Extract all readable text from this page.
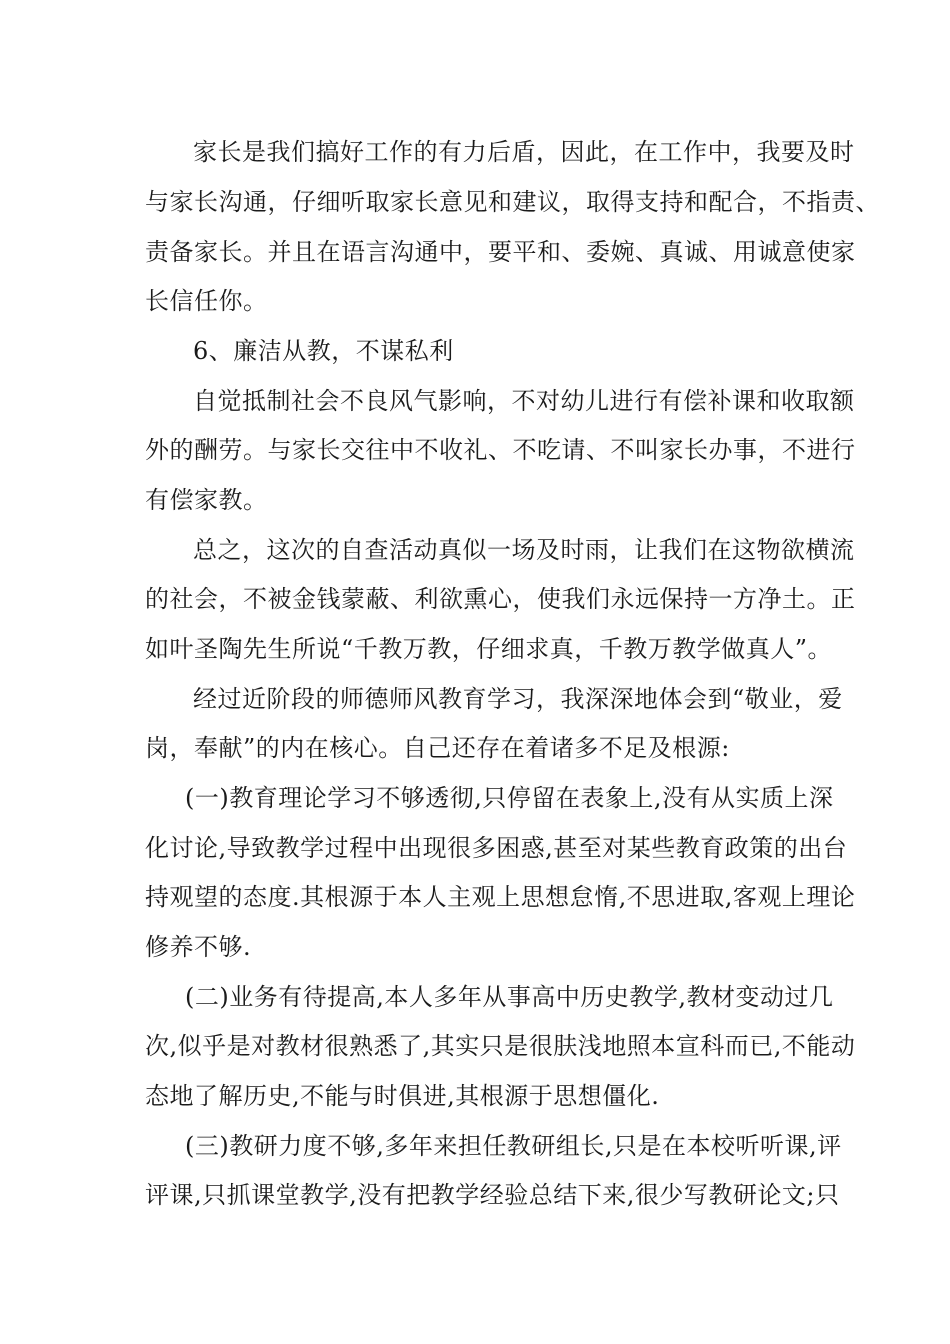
家长是我们搞好工作的有力后盾，因此，在工作中，我要及时
与家长沟通，仔细听取家长意见和建议，取得支持和配合，不指责、
责备家长。并且在语言沟通中，要平和、委婉、真诚、用诚意使家
长信任你。
6、廉洁从教，不谋私利
自觉抵制社会不良风气影响，不对幼儿进行有偿补课和收取额
外的酬劳。与家长交往中不收礼、不吃请、不叫家长办事，不进行
有偿家教。
总之，这次的自查活动真似一场及时雨，让我们在这物欲横流
的社会，不被金钱蒙蔽、利欲熏心，使我们永远保持一方净土。正
如叶圣陶先生所说“千教万教，仔细求真，千教万教学做真人”。
经过近阶段的师德师风教育学习，我深深地体会到“敬业，爱
岗，奉献”的内在核心。自己还存在着诸多不足及根源:
(一)教育理论学习不够透彻,只停留在表象上,没有从实质上深
化讨论,导致教学过程中出现很多困惑,甚至对某些教育政策的出台
持观望的态度.其根源于本人主观上思想怠惰,不思进取,客观上理论
修养不够.
(二)业务有待提高,本人多年从事高中历史教学,教材变动过几
次,似乎是对教材很熟悉了,其实只是很肤浅地照本宣科而已,不能动
态地了解历史,不能与时俱进,其根源于思想僵化.
(三)教研力度不够,多年来担任教研组长,只是在本校听听课,评
评课,只抓课堂教学,没有把教学经验总结下来,很少写教研论文;只
